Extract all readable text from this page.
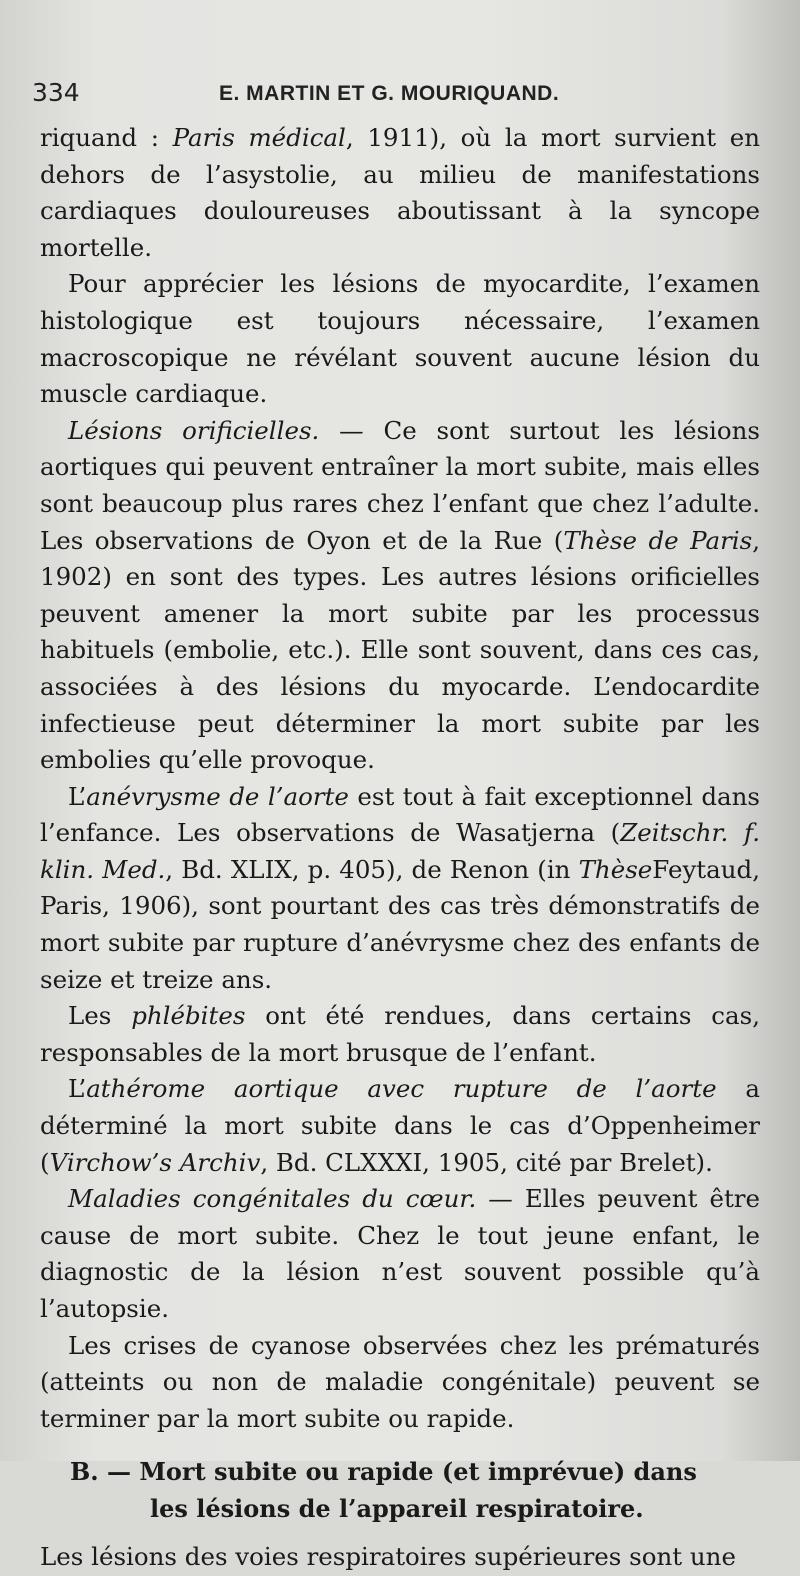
334	E. MARTIN ET G. MOURIQUAND.

riquand : Paris médical, 1911), où la mort survient en dehors de l’asystolie, au milieu de manifestations cardiaques douloureuses aboutissant à la syncope mortelle.

Pour apprécier les lésions de myocardite, l’examen histologique est toujours nécessaire, l’examen macroscopique ne révélant souvent aucune lésion du muscle cardiaque.

Lésions orificielles. — Ce sont surtout les lésions aortiques qui peuvent entraîner la mort subite, mais elles sont beaucoup plus rares chez l’enfant que chez l’adulte. Les observations de Oyon et de la Rue (Thèse de Paris, 1902) en sont des types. Les autres lésions orificielles peuvent amener la mort subite par les processus habituels (embolie, etc.). Elle sont souvent, dans ces cas, associées à des lésions du myocarde. L’endocardite infectieuse peut déterminer la mort subite par les embolies qu’elle provoque.

L’anévrysme de l’aorte est tout à fait exceptionnel dans l’enfance. Les observations de Wasatjerna (Zeitschr. f. klin. Med., Bd. XLIX, p. 405), de Renon (in ThèseFeytaud, Paris, 1906), sont pourtant des cas très démonstratifs de mort subite par rupture d’anévrysme chez des enfants de seize et treize ans.

Les phlébites ont été rendues, dans certains cas, responsables de la mort brusque de l’enfant.

L’athérome aortique avec rupture de l’aorte a déterminé la mort subite dans le cas d’Oppenheimer (Virchow’s Archiv, Bd. CLXXXI, 1905, cité par Brelet).

Maladies congénitales du cœur. — Elles peuvent être cause de mort subite. Chez le tout jeune enfant, le diagnostic de la lésion n’est souvent possible qu’à l’autopsie.

Les crises de cyanose observées chez les prématurés (atteints ou non de maladie congénitale) peuvent se terminer par la mort subite ou rapide.

B. — Mort subite ou rapide (et imprévue) dans
les lésions de l’appareil respiratoire.

Les lésions des voies respiratoires supérieures sont une
